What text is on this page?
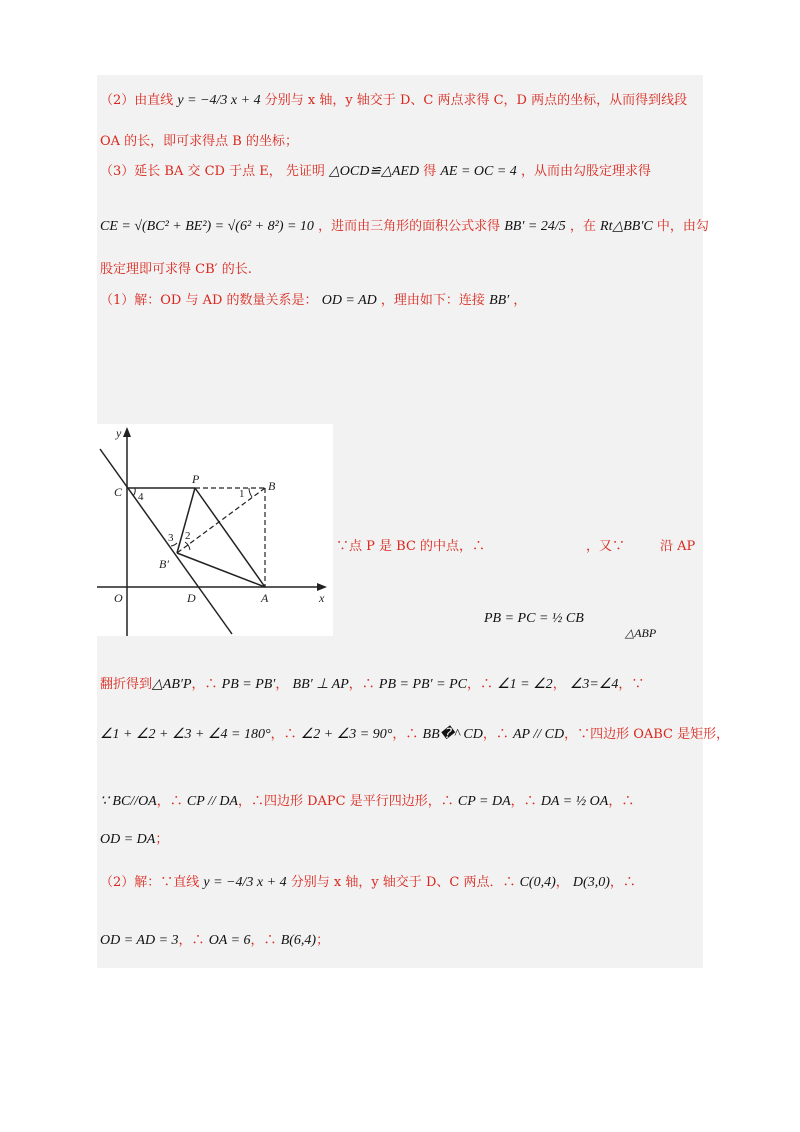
（2）由直线 y = −4/3 x + 4 分别与 x 轴，y 轴交于 D、C 两点求得 C，D 两点的坐标，从而得到线段
OA 的长，即可求得点 B 的坐标；
（3）延长 BA 交 CD 于点 E， 先证明 △OCD≌△AED 得 AE = OC = 4 ，从而由勾股定理求得
CE = √(BC² + BE²) = √(6² + 8²) = 10 ，进而由三角形的面积公式求得 BB′ = 24/5 ，在 Rt△BB′C 中，由勾
股定理即可求得 CB′ 的长.
（1）解：OD 与 AD 的数量关系是： OD = AD ，理由如下：连接 BB′ ，
y
x
O
C
P	B
B′
D	A
1
2
3
4
∵点 P 是 BC 的中点，∴	，又∵	沿 AP
PB = PC = ½ CB
△ABP
翻折得到△AB′P，∴ PB = PB′， BB′ ⊥ AP，∴ PB = PB′ = PC，∴ ∠1 = ∠2， ∠3=∠4，∵
∠1 + ∠2 + ∠3 + ∠4 = 180°，∴ ∠2 + ∠3 = 90°，∴ BB�^ CD，∴ AP // CD，∵四边形 OABC 是矩形，
∵ BC//OA，∴ CP // DA，∴四边形 DAPC 是平行四边形，∴ CP = DA，∴ DA = ½ OA，∴
OD = DA；
（2）解：∵直线 y = −4/3 x + 4 分别与 x 轴，y 轴交于 D、C 两点．∴ C(0,4)， D(3,0)，∴
OD = AD = 3，∴ OA = 6，∴ B(6,4)；
